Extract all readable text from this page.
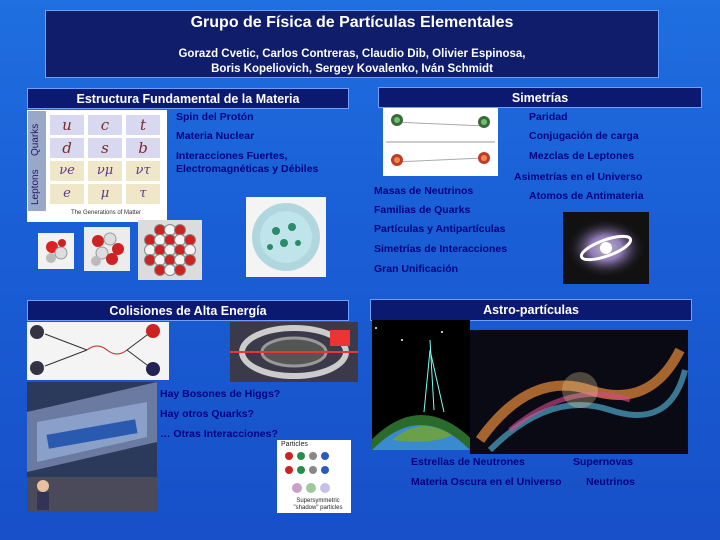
Grupo de Física de Partículas Elementales
Gorazd Cvetic, Carlos Contreras, Claudio Dib, Olivier Espinosa,
Boris Kopeliovich, Sergey Kovalenko, Iván Schmidt
Estructura Fundamental de la Materia	Simetrías
Quarks
Leptons
u	c	t
d	s	b
νe	νμ	ντ
e	μ	τ
The Generations of Matter
Spin del Protón
Materia Nuclear
Interacciones Fuertes,
Electromagnéticas y Débiles
Paridad
Conjugación de carga
Mezclas de Leptones
Asimetrías en el Universo
Atomos de Antimateria
Masas de Neutrinos
Familias de Quarks
Partículas y Antipartículas
Simetrías de Interacciones
Gran Unificación
Colisiones de Alta Energía	Astro-partículas
Hay Bosones de Higgs?
Hay otros Quarks?
… Otras Interacciones?
Particles
Supersymmetric "shadow" particles
Estrellas de Neutrones	Supernovas
Materia Oscura en el Universo Neutrinos
